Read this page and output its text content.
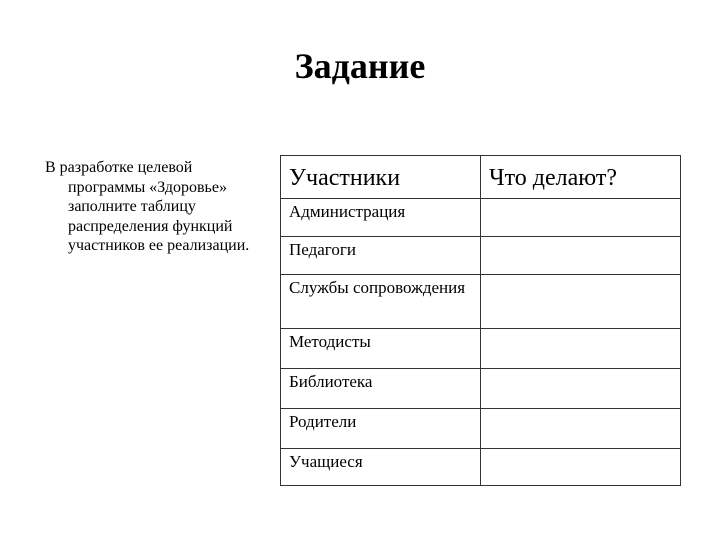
Задание
В разработке целевой
программы «Здоровье» заполните таблицу распределения функций участников ее реализации.
Участники	Что делают?

Администрация	

Педагоги	

Службы сопровождения	

Методисты	

Библиотека	

Родители	

Учащиеся	
